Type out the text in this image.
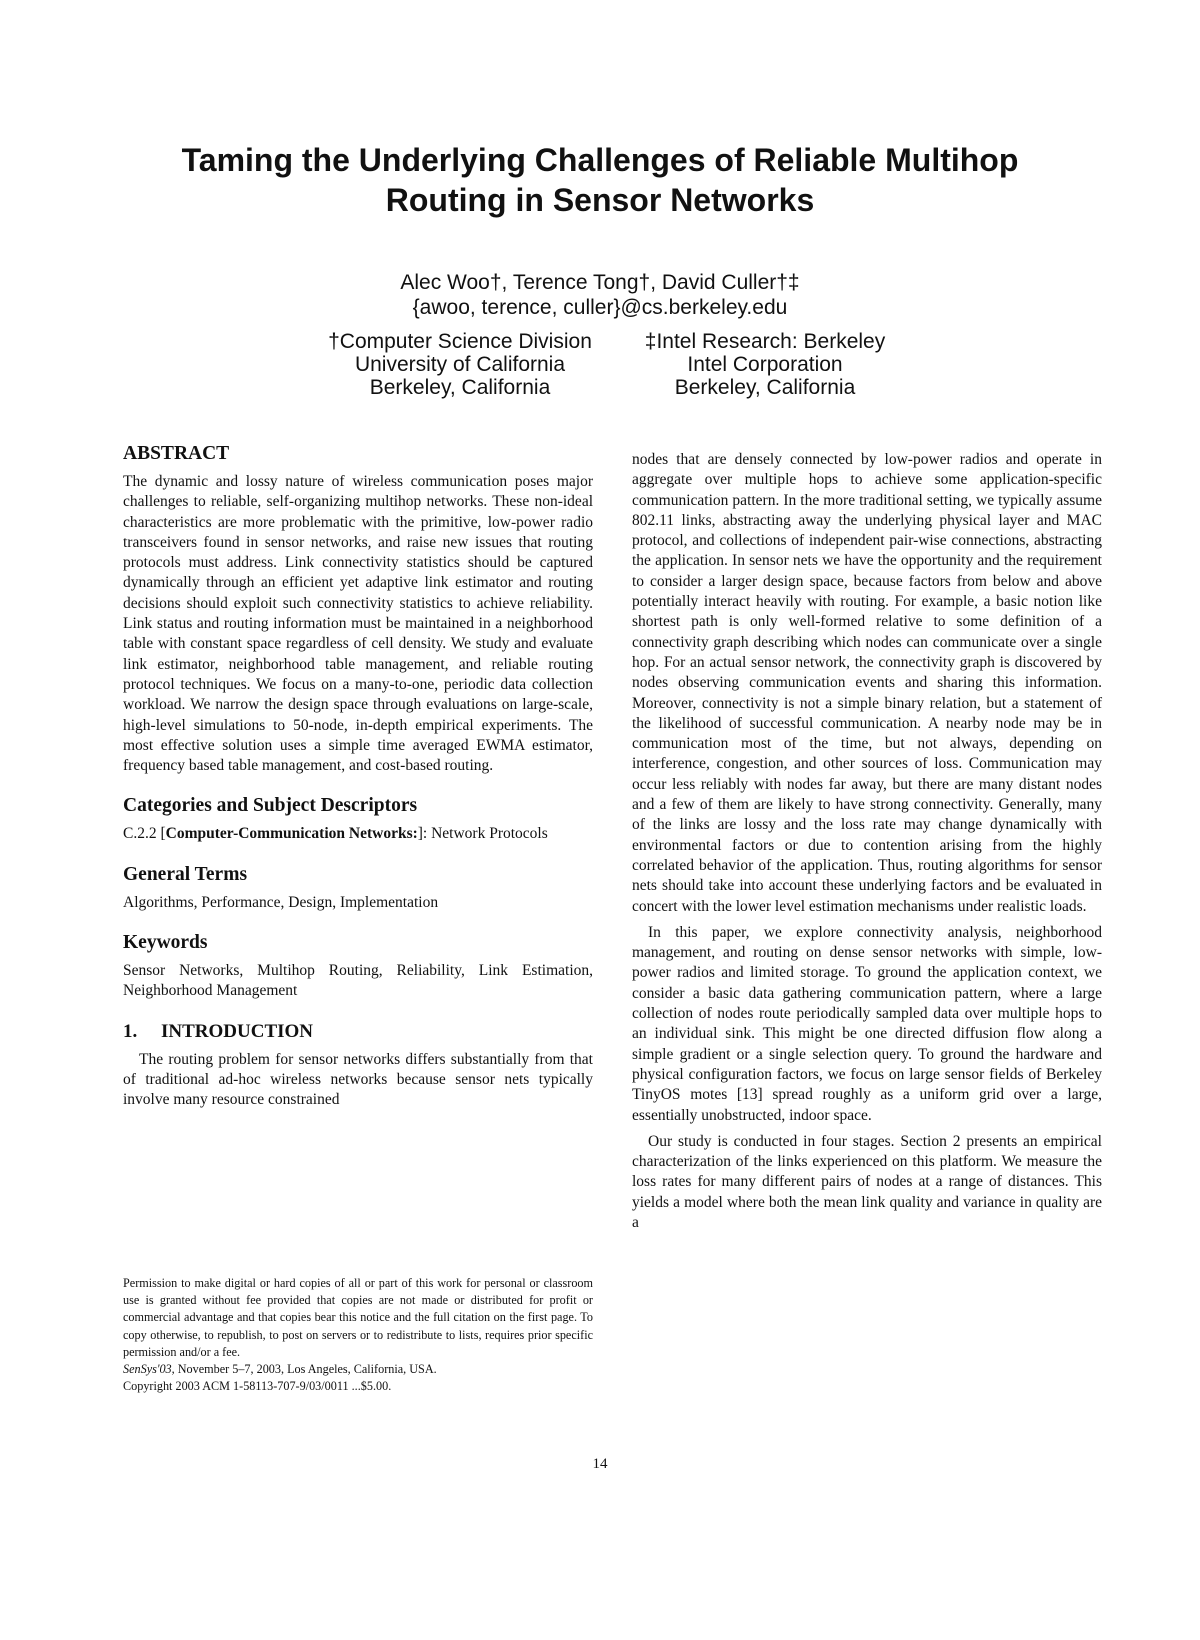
Taming the Underlying Challenges of Reliable Multihop
Routing in Sensor Networks
Alec Woo†, Terence Tong†, David Culler†‡
{awoo, terence, culler}@cs.berkeley.edu
†Computer Science Division
University of California
Berkeley, California
‡Intel Research: Berkeley
Intel Corporation
Berkeley, California
ABSTRACT

The dynamic and lossy nature of wireless communication poses major challenges to reliable, self-organizing multihop networks. These non-ideal characteristics are more problematic with the primitive, low-power radio transceivers found in sensor networks, and raise new issues that routing protocols must address. Link connectivity statistics should be captured dynamically through an efficient yet adaptive link estimator and routing decisions should exploit such connectivity statistics to achieve reliability. Link status and routing information must be maintained in a neighborhood table with constant space regardless of cell density. We study and evaluate link estimator, neighborhood table management, and reliable routing protocol techniques. We focus on a many-to-one, periodic data collection workload. We narrow the design space through evaluations on large-scale, high-level simulations to 50-node, in-depth empirical experiments. The most effective solution uses a simple time averaged EWMA estimator, frequency based table management, and cost-based routing.

Categories and Subject Descriptors

C.2.2 [Computer-Communication Networks:]: Network Protocols

General Terms

Algorithms, Performance, Design, Implementation

Keywords

Sensor Networks, Multihop Routing, Reliability, Link Estimation, Neighborhood Management

1. INTRODUCTION

The routing problem for sensor networks differs substantially from that of traditional ad-hoc wireless networks because sensor nets typically involve many resource constrained

nodes that are densely connected by low-power radios and operate in aggregate over multiple hops to achieve some application-specific communication pattern. In the more traditional setting, we typically assume 802.11 links, abstracting away the underlying physical layer and MAC protocol, and collections of independent pair-wise connections, abstracting the application. In sensor nets we have the opportunity and the requirement to consider a larger design space, because factors from below and above potentially interact heavily with routing. For example, a basic notion like shortest path is only well-formed relative to some definition of a connectivity graph describing which nodes can communicate over a single hop. For an actual sensor network, the connectivity graph is discovered by nodes observing communication events and sharing this information. Moreover, connectivity is not a simple binary relation, but a statement of the likelihood of successful communication. A nearby node may be in communication most of the time, but not always, depending on interference, congestion, and other sources of loss. Communication may occur less reliably with nodes far away, but there are many distant nodes and a few of them are likely to have strong connectivity. Generally, many of the links are lossy and the loss rate may change dynamically with environmental factors or due to contention arising from the highly correlated behavior of the application. Thus, routing algorithms for sensor nets should take into account these underlying factors and be evaluated in concert with the lower level estimation mechanisms under realistic loads.

In this paper, we explore connectivity analysis, neighborhood management, and routing on dense sensor networks with simple, low-power radios and limited storage. To ground the application context, we consider a basic data gathering communication pattern, where a large collection of nodes route periodically sampled data over multiple hops to an individual sink. This might be one directed diffusion flow along a simple gradient or a single selection query. To ground the hardware and physical configuration factors, we focus on large sensor fields of Berkeley TinyOS motes [13] spread roughly as a uniform grid over a large, essentially unobstructed, indoor space.

Our study is conducted in four stages. Section 2 presents an empirical characterization of the links experienced on this platform. We measure the loss rates for many different pairs of nodes at a range of distances. This yields a model where both the mean link quality and variance in quality are a

Permission to make digital or hard copies of all or part of this work for personal or classroom use is granted without fee provided that copies are not made or distributed for profit or commercial advantage and that copies bear this notice and the full citation on the first page. To copy otherwise, to republish, to post on servers or to redistribute to lists, requires prior specific permission and/or a fee.

SenSys'03, November 5–7, 2003, Los Angeles, California, USA.

Copyright 2003 ACM 1-58113-707-9/03/0011 ...$5.00.

14
